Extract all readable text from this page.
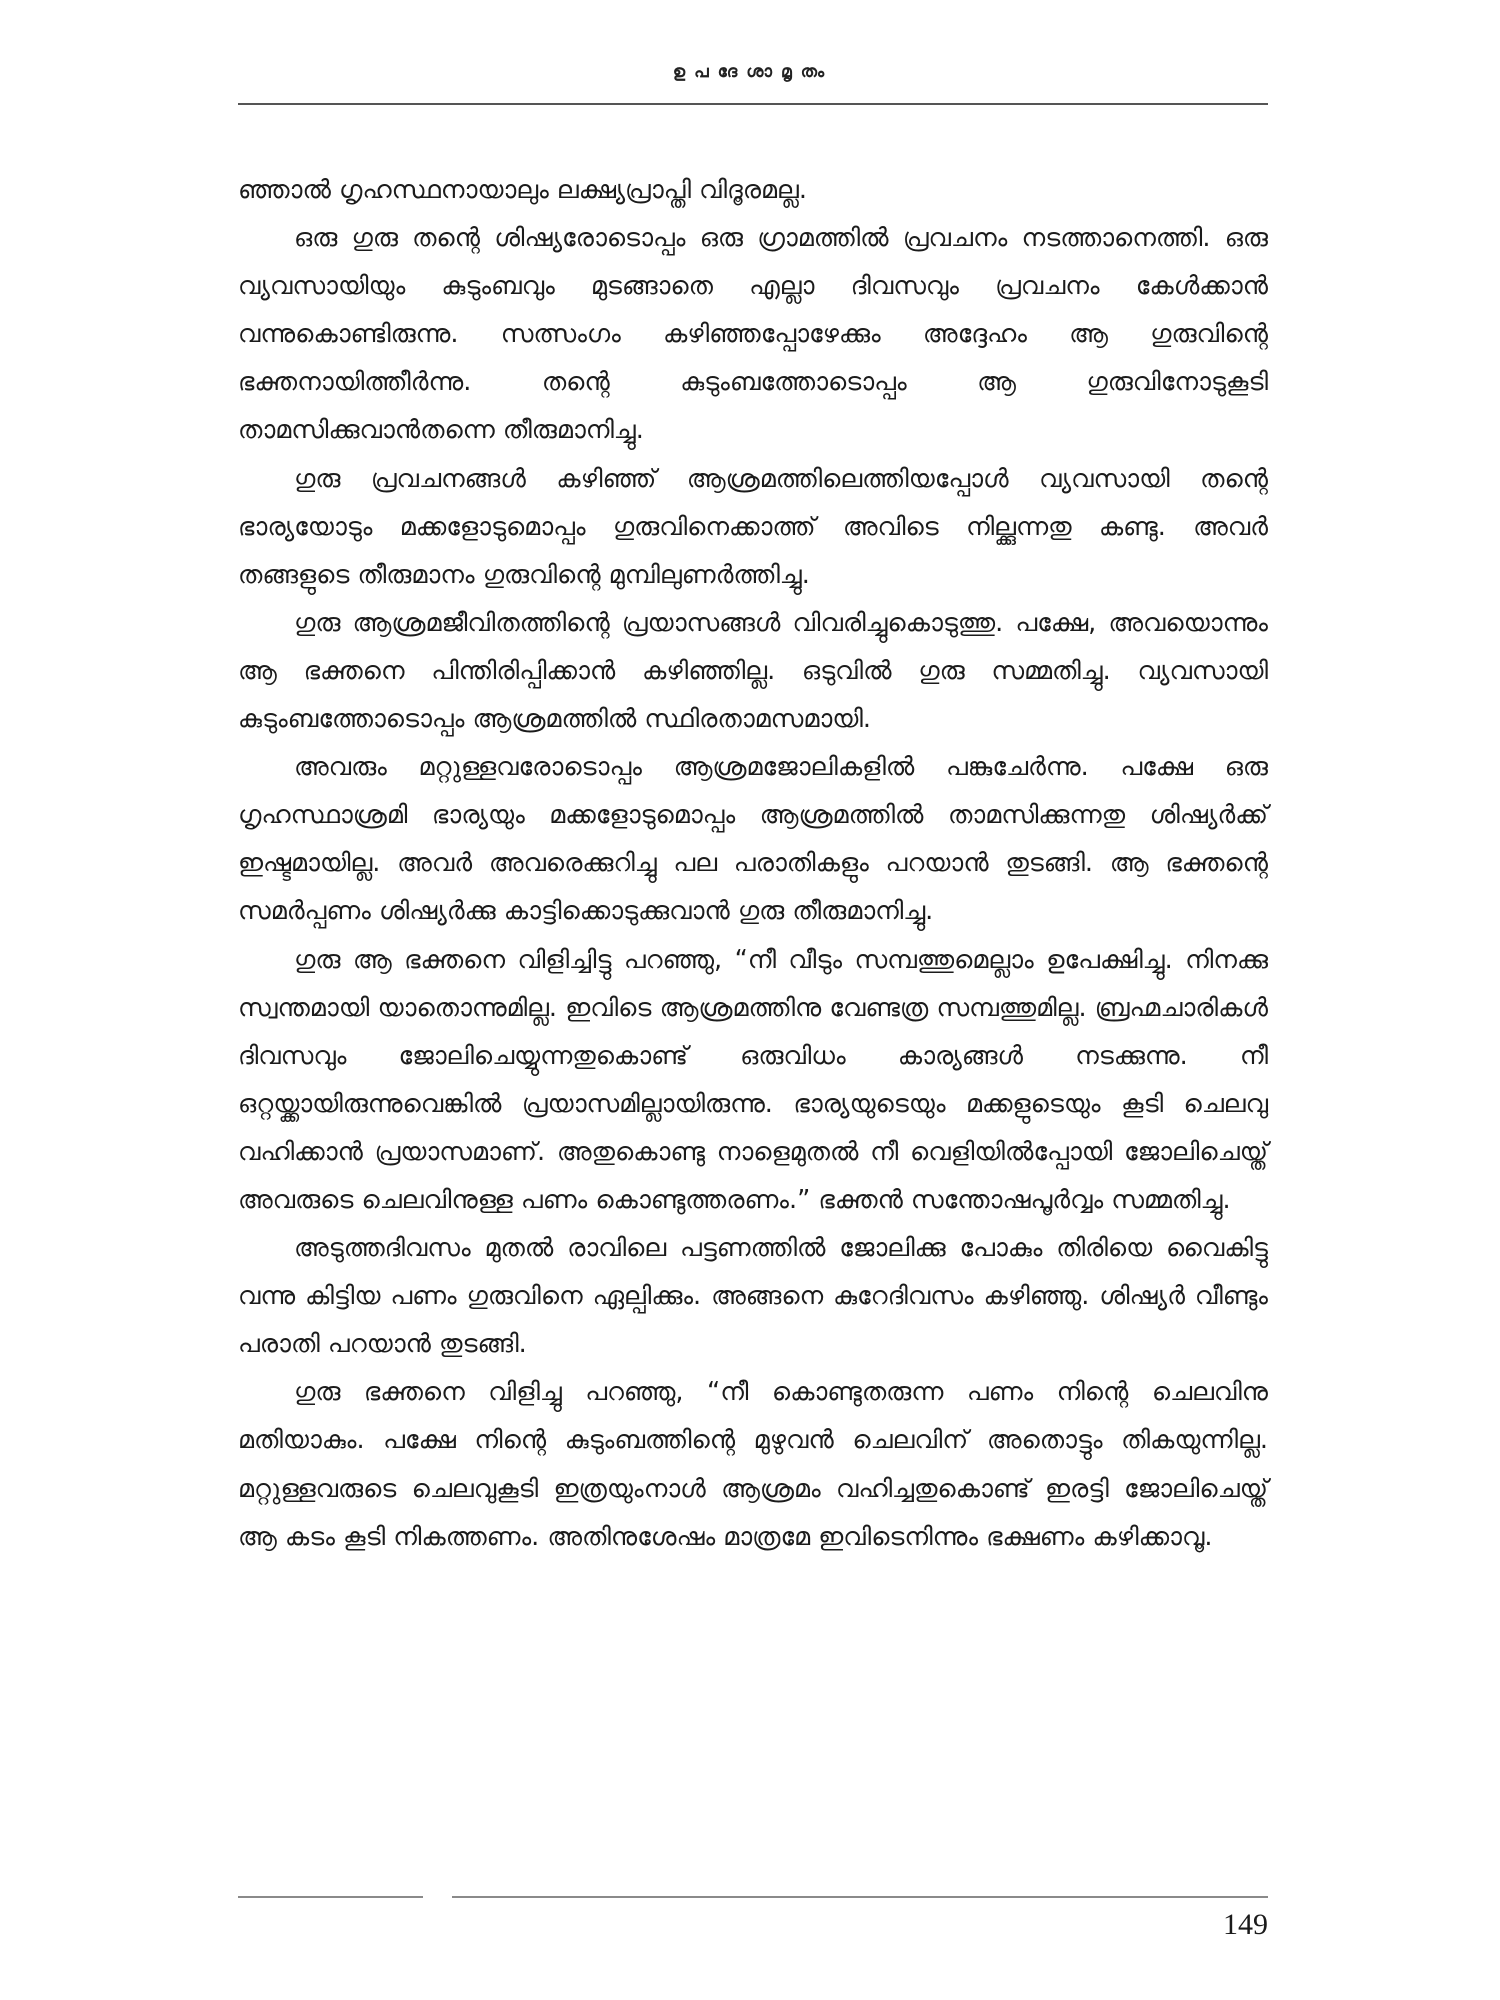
ഉപദേശാമൃതം

ഞ്ഞാൽ ഗൃഹസ്ഥനായാലും ലക്ഷ്യപ്രാപ്തി വിദൂരമല്ല.

ഒരു ഗുരു തന്റെ ശിഷ്യരോടൊപ്പം ഒരു ഗ്രാമത്തിൽ പ്രവചനം നടത്താനെത്തി. ഒരു വ്യവസായിയും കുടുംബവും മുടങ്ങാതെ എല്ലാ ദിവസവും പ്രവചനം കേൾക്കാൻ വന്നുകൊണ്ടിരുന്നു. സത്സംഗം കഴിഞ്ഞപ്പോഴേക്കും അദ്ദേഹം ആ ഗുരുവിന്റെ ഭക്തനായിത്തീർന്നു. തന്റെ കുടുംബത്തോടൊപ്പം ആ ഗുരുവിനോടുകൂടി താമസിക്കുവാൻതന്നെ തീരുമാനിച്ചു.

ഗുരു പ്രവചനങ്ങൾ കഴിഞ്ഞ് ആശ്രമത്തിലെത്തിയപ്പോൾ വ്യവസായി തന്റെ ഭാര്യയോടും മക്കളോടുമൊപ്പം ഗുരുവിനെക്കാത്ത് അവിടെ നില്ക്കുന്നതു കണ്ടു. അവർ തങ്ങളുടെ തീരുമാനം ഗുരുവിന്റെ മുമ്പിലുണർത്തിച്ചു.

ഗുരു ആശ്രമജീവിതത്തിന്റെ പ്രയാസങ്ങൾ വിവരിച്ചുകൊടുത്തു. പക്ഷേ, അവയൊന്നും ആ ഭക്തനെ പിന്തിരിപ്പിക്കാൻ കഴിഞ്ഞില്ല. ഒടുവിൽ ഗുരു സമ്മതിച്ചു. വ്യവസായി കുടുംബത്തോടൊപ്പം ആശ്രമത്തിൽ സ്ഥിരതാമസമായി.

അവരും മറ്റുള്ളവരോടൊപ്പം ആശ്രമജോലികളിൽ പങ്കുചേർന്നു. പക്ഷേ ഒരു ഗൃഹസ്ഥാശ്രമി ഭാര്യയും മക്കളോടുമൊപ്പം ആശ്രമത്തിൽ താമസിക്കുന്നതു ശിഷ്യർക്ക് ഇഷ്ടമായില്ല. അവർ അവരെക്കുറിച്ചു പല പരാതികളും പറയാൻ തുടങ്ങി. ആ ഭക്തന്റെ സമർപ്പണം ശിഷ്യർക്കു കാട്ടിക്കൊടുക്കുവാൻ ഗുരു തീരുമാനിച്ചു.

ഗുരു ആ ഭക്തനെ വിളിച്ചിട്ടു പറഞ്ഞു, “നീ വീടും സമ്പത്തുമെല്ലാം ഉപേക്ഷിച്ചു. നിനക്കു സ്വന്തമായി യാതൊന്നുമില്ല. ഇവിടെ ആശ്രമത്തിനു വേണ്ടത്ര സമ്പത്തുമില്ല. ബ്രഹ്മചാരികൾ ദിവസവും ജോലിചെയ്യുന്നതുകൊണ്ട് ഒരുവിധം കാര്യങ്ങൾ നടക്കുന്നു. നീ ഒറ്റയ്ക്കായിരുന്നുവെങ്കിൽ പ്രയാസമില്ലായിരുന്നു. ഭാര്യയുടെയും മക്കളുടെയും കൂടി ചെലവു വഹിക്കാൻ പ്രയാസമാണ്. അതുകൊണ്ടു നാളെമുതൽ നീ വെളിയിൽപ്പോയി ജോലിചെയ്ത് അവരുടെ ചെലവിനുള്ള പണം കൊണ്ടുത്തരണം.” ഭക്തൻ സന്തോഷപൂർവ്വം സമ്മതിച്ചു.

അടുത്തദിവസം മുതൽ രാവിലെ പട്ടണത്തിൽ ജോലിക്കു പോകും തിരിയെ വൈകിട്ടു വന്നു കിട്ടിയ പണം ഗുരുവിനെ ഏല്പിക്കും. അങ്ങനെ കുറേദിവസം കഴിഞ്ഞു. ശിഷ്യർ വീണ്ടും പരാതി പറയാൻ തുടങ്ങി.

ഗുരു ഭക്തനെ വിളിച്ചു പറഞ്ഞു, “നീ കൊണ്ടുതരുന്ന പണം നിന്റെ ചെലവിനു മതിയാകും. പക്ഷേ നിന്റെ കുടുംബത്തിന്റെ മുഴുവൻ ചെലവിന് അതൊട്ടും തികയുന്നില്ല. മറ്റുള്ളവരുടെ ചെലവുകൂടി ഇത്രയുംനാൾ ആശ്രമം വഹിച്ചതുകൊണ്ട് ഇരട്ടി ജോലിചെയ്ത് ആ കടം കൂടി നികത്തണം. അതിനുശേഷം മാത്രമേ ഇവിടെനിന്നും ഭക്ഷണം കഴിക്കാവൂ.

149
